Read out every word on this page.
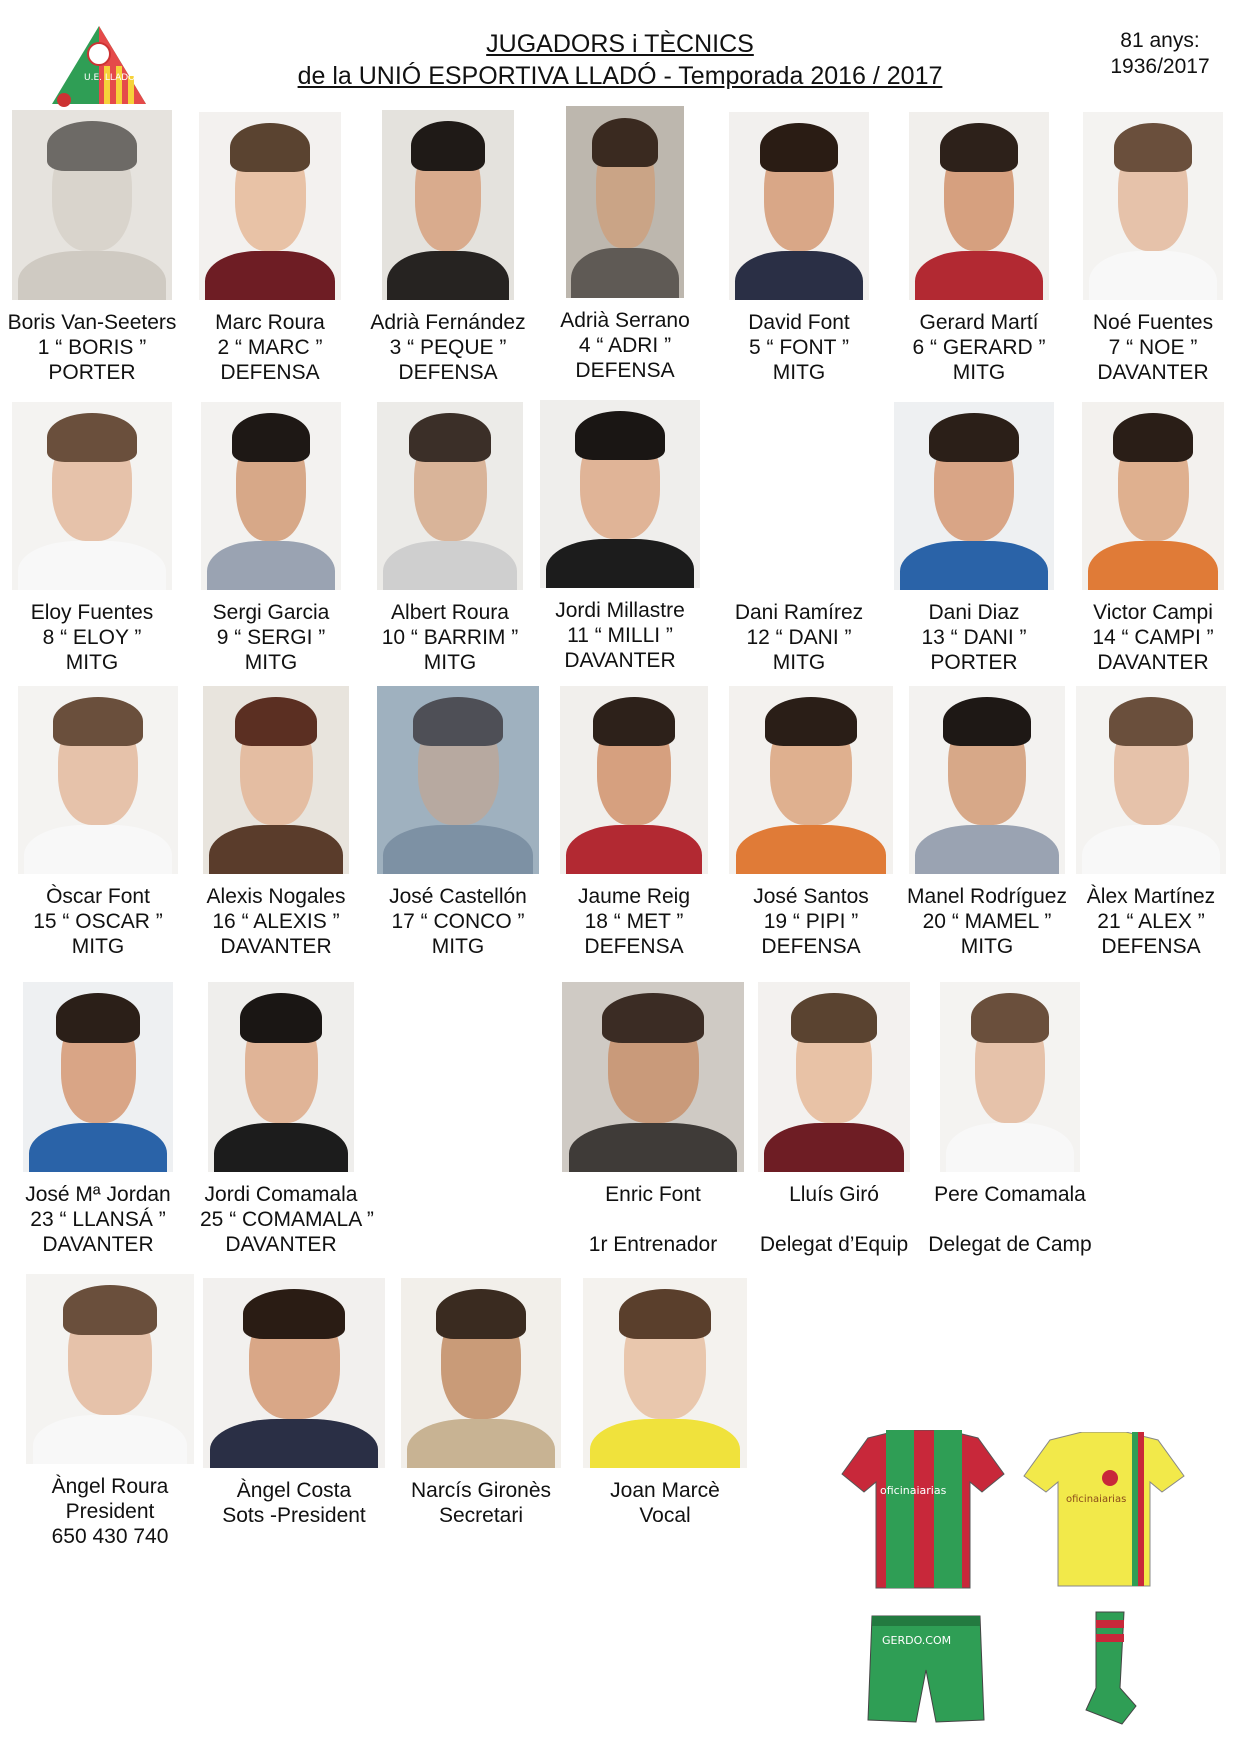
U.E. LLADÓ
JUGADORS i TÈCNICS
de la UNIÓ ESPORTIVA LLADÓ - Temporada 2016 / 2017
81 anys:
1936/2017
Boris Van-Seeters
1 “ BORIS ”
PORTER
Marc Roura
2 “ MARC ”
DEFENSA
Adrià Fernández
3 “ PEQUE ”
DEFENSA
Adrià Serrano
4 “ ADRI ”
DEFENSA
David Font
5 “ FONT ”
MITG
Gerard Martí
6 “ GERARD ”
MITG
Noé Fuentes
7 “ NOE ”
DAVANTER
Eloy Fuentes
8 “ ELOY ”
MITG
Sergi Garcia
9 “ SERGI ”
MITG
Albert Roura
10 “ BARRIM ”
MITG
Jordi Millastre
11 “ MILLI ”
DAVANTER
Dani Ramírez
12 “ DANI ”
MITG
Dani Diaz
13 “ DANI ”
PORTER
Victor Campi
14 “ CAMPI ”
DAVANTER
Òscar Font
15 “ OSCAR ”
MITG
Alexis Nogales
16 “ ALEXIS ”
DAVANTER
José Castellón
17 “ CONCO ”
MITG
Jaume Reig
18 “ MET ”
DEFENSA
José Santos
19 “ PIPI ”
DEFENSA
Manel Rodríguez
20 “ MAMEL ”
MITG
Àlex Martínez
21 “ ALEX ”
DEFENSA
José Mª Jordan
23 “ LLANSÁ ”
DAVANTER
Jordi Comamala
25 “ COMAMALA ”
DAVANTER
Enric Font

1r Entrenador
Lluís Giró

Delegat d’Equip
Pere Comamala

Delegat de Camp
Àngel Roura
President
650 430 740
Àngel Costa
Sots -President

Narcís Gironès
Secretari

Joan Marcè
Vocal

oficinaiarias
oficinaiarias
GERDO.COM
